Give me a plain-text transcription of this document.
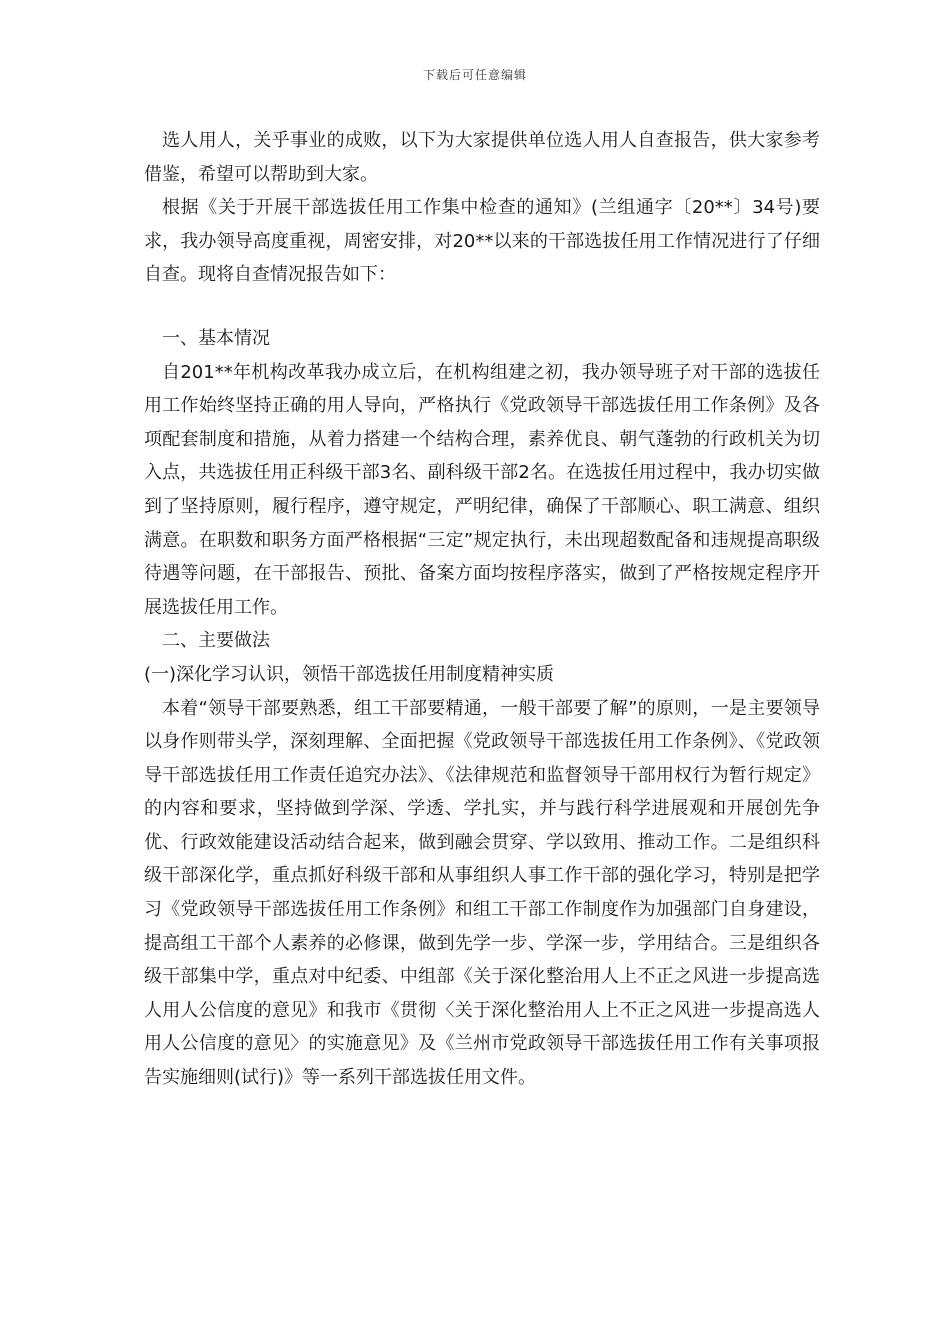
下载后可任意编辑

选人用人，关乎事业的成败，以下为大家提供单位选人用人自查报告，供大家参考借鉴，希望可以帮助到大家。

根据《关于开展干部选拔任用工作集中检查的通知》(兰组通字〔20**〕34号)要求，我办领导高度重视，周密安排，对20**以来的干部选拔任用工作情况进行了仔细自查。现将自查情况报告如下：

一、基本情况

自201**年机构改革我办成立后，在机构组建之初，我办领导班子对干部的选拔任用工作始终坚持正确的用人导向，严格执行《党政领导干部选拔任用工作条例》及各项配套制度和措施，从着力搭建一个结构合理，素养优良、朝气蓬勃的行政机关为切入点，共选拔任用正科级干部3名、副科级干部2名。在选拔任用过程中，我办切实做到了坚持原则，履行程序，遵守规定，严明纪律，确保了干部顺心、职工满意、组织满意。在职数和职务方面严格根据“三定”规定执行，未出现超数配备和违规提高职级待遇等问题，在干部报告、预批、备案方面均按程序落实，做到了严格按规定程序开展选拔任用工作。

二、主要做法

(一)深化学习认识，领悟干部选拔任用制度精神实质

本着“领导干部要熟悉，组工干部要精通，一般干部要了解”的原则，一是主要领导以身作则带头学，深刻理解、全面把握《党政领导干部选拔任用工作条例》、《党政领导干部选拔任用工作责任追究办法》、《法律规范和监督领导干部用权行为暂行规定》的内容和要求，坚持做到学深、学透、学扎实，并与践行科学进展观和开展创先争优、行政效能建设活动结合起来，做到融会贯穿、学以致用、推动工作。二是组织科级干部深化学，重点抓好科级干部和从事组织人事工作干部的强化学习，特别是把学习《党政领导干部选拔任用工作条例》和组工干部工作制度作为加强部门自身建设，提高组工干部个人素养的必修课，做到先学一步、学深一步，学用结合。三是组织各级干部集中学，重点对中纪委、中组部《关于深化整治用人上不正之风进一步提高选人用人公信度的意见》和我市《贯彻〈关于深化整治用人上不正之风进一步提高选人用人公信度的意见〉的实施意见》及《兰州市党政领导干部选拔任用工作有关事项报告实施细则(试行)》等一系列干部选拔任用文件。
